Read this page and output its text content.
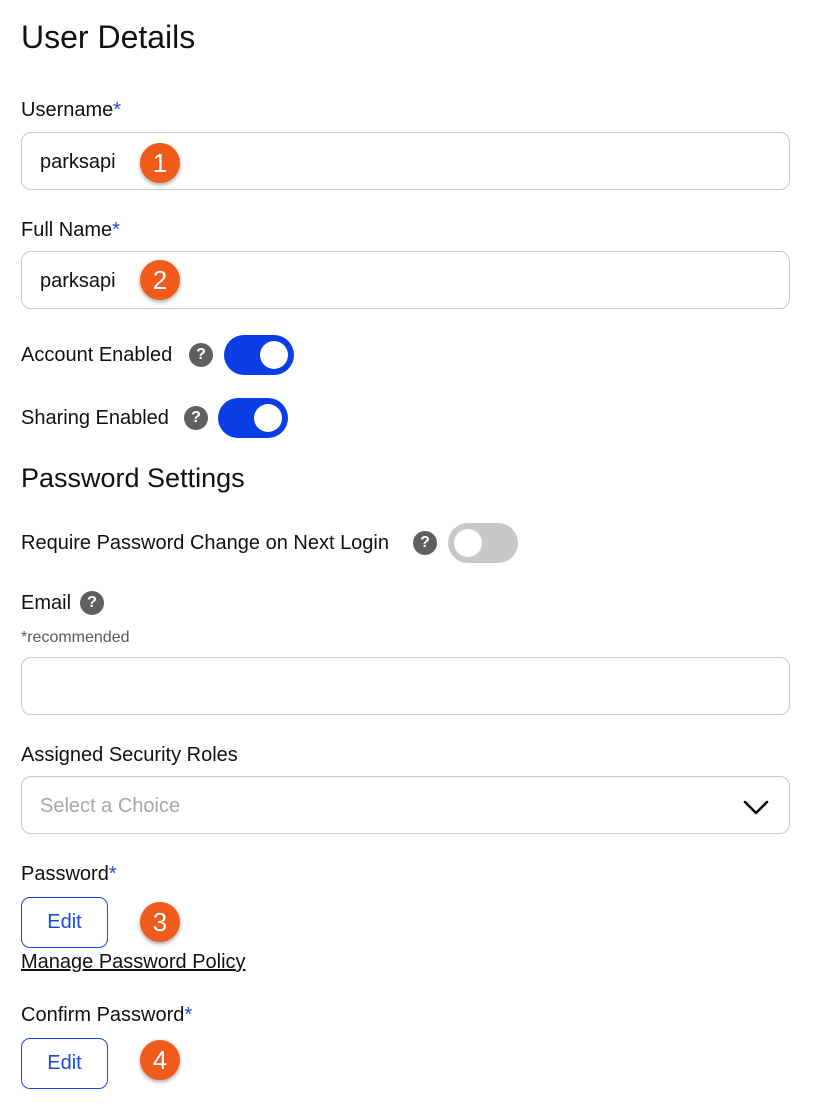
User Details
Username*
parksapi	1
Full Name*
parksapi	2
Account Enabled	?
Sharing Enabled	?
Password Settings
Require Password Change on Next Login	?
Email	?
*recommended
Assigned Security Roles
Select a Choice
Password*
Edit	3
Manage Password Policy
Confirm Password*
Edit	4
